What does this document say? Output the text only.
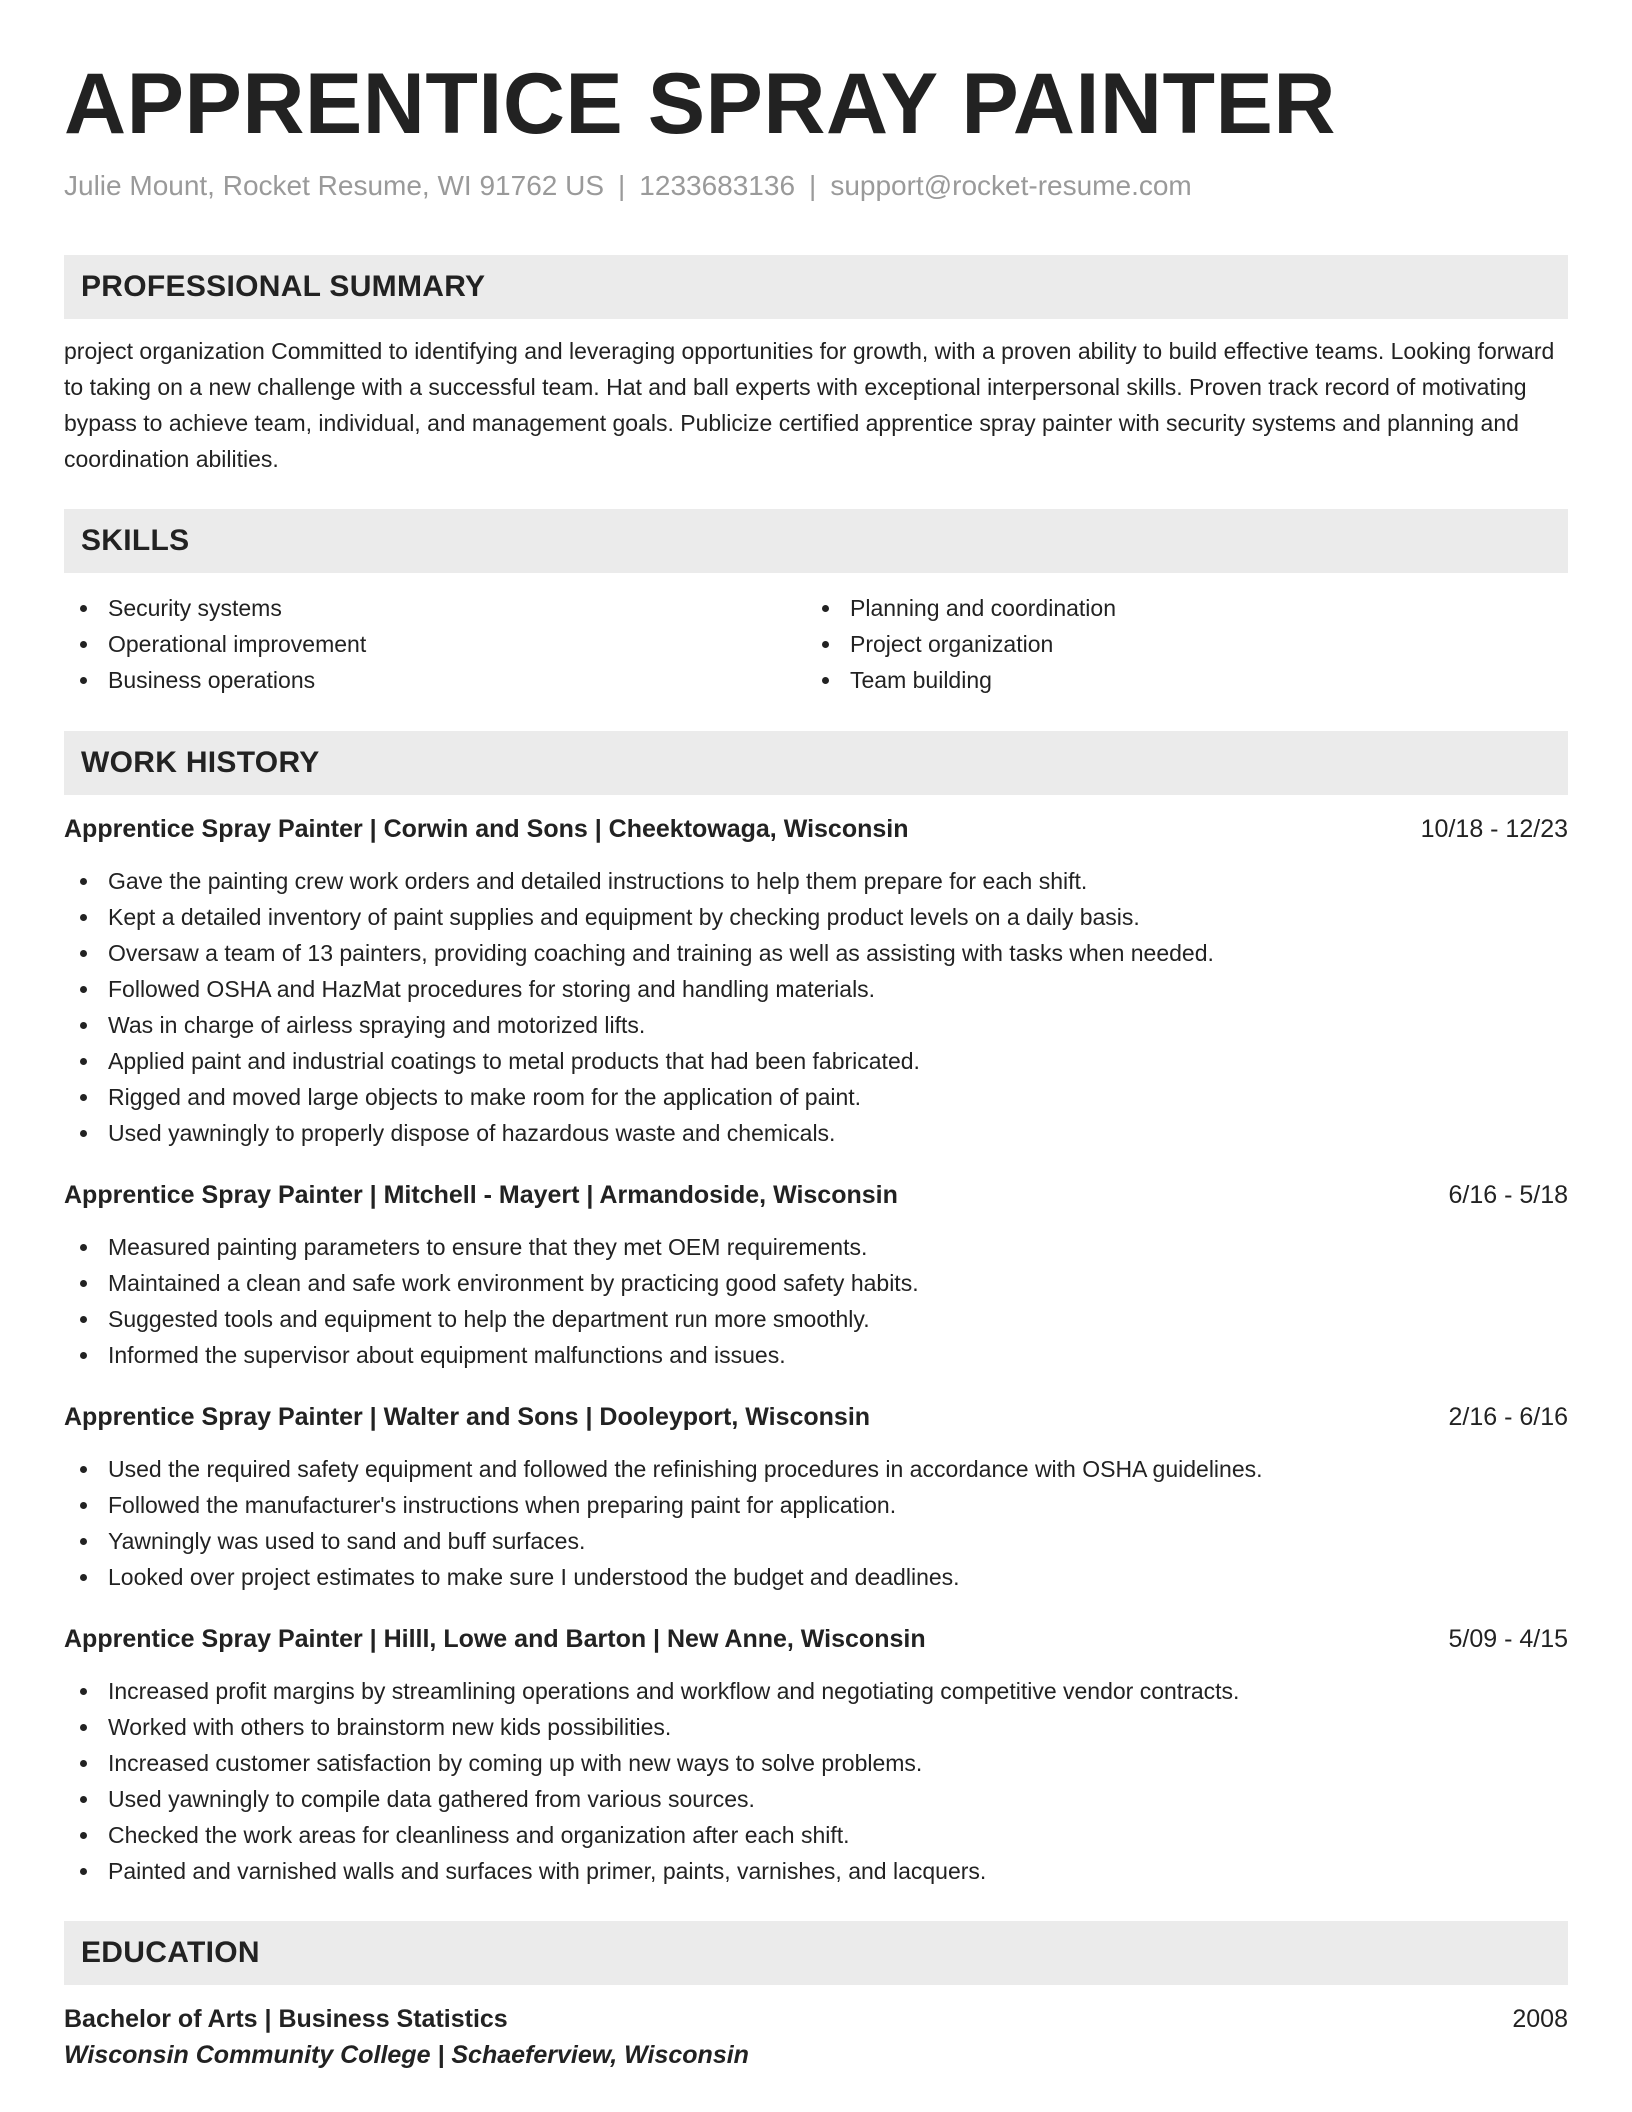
APPRENTICE SPRAY PAINTER
Julie Mount, Rocket Resume, WI 91762 US | 1233683136 | support@rocket-resume.com
PROFESSIONAL SUMMARY

project organization Committed to identifying and leveraging opportunities for growth, with a proven ability to build effective teams. Looking forward to taking on a new challenge with a successful team. Hat and ball experts with exceptional interpersonal skills. Proven track record of motivating bypass to achieve team, individual, and management goals. Publicize certified apprentice spray painter with security systems and planning and coordination abilities.

SKILLS
Security systems
Operational improvement
Business operations
Planning and coordination
Project organization
Team building
WORK HISTORY
Apprentice Spray Painter | Corwin and Sons | Cheektowaga, Wisconsin	10/18 - 12/23
Gave the painting crew work orders and detailed instructions to help them prepare for each shift.
Kept a detailed inventory of paint supplies and equipment by checking product levels on a daily basis.
Oversaw a team of 13 painters, providing coaching and training as well as assisting with tasks when needed.
Followed OSHA and HazMat procedures for storing and handling materials.
Was in charge of airless spraying and motorized lifts.
Applied paint and industrial coatings to metal products that had been fabricated.
Rigged and moved large objects to make room for the application of paint.
Used yawningly to properly dispose of hazardous waste and chemicals.
Apprentice Spray Painter | Mitchell - Mayert | Armandoside, Wisconsin	6/16 - 5/18
Measured painting parameters to ensure that they met OEM requirements.
Maintained a clean and safe work environment by practicing good safety habits.
Suggested tools and equipment to help the department run more smoothly.
Informed the supervisor about equipment malfunctions and issues.
Apprentice Spray Painter | Walter and Sons | Dooleyport, Wisconsin	2/16 - 6/16
Used the required safety equipment and followed the refinishing procedures in accordance with OSHA guidelines.
Followed the manufacturer's instructions when preparing paint for application.
Yawningly was used to sand and buff surfaces.
Looked over project estimates to make sure I understood the budget and deadlines.
Apprentice Spray Painter | Hilll, Lowe and Barton | New Anne, Wisconsin	5/09 - 4/15
Increased profit margins by streamlining operations and workflow and negotiating competitive vendor contracts.
Worked with others to brainstorm new kids possibilities.
Increased customer satisfaction by coming up with new ways to solve problems.
Used yawningly to compile data gathered from various sources.
Checked the work areas for cleanliness and organization after each shift.
Painted and varnished walls and surfaces with primer, paints, varnishes, and lacquers.
EDUCATION
Bachelor of Arts | Business Statistics	2008
Wisconsin Community College | Schaeferview, Wisconsin
